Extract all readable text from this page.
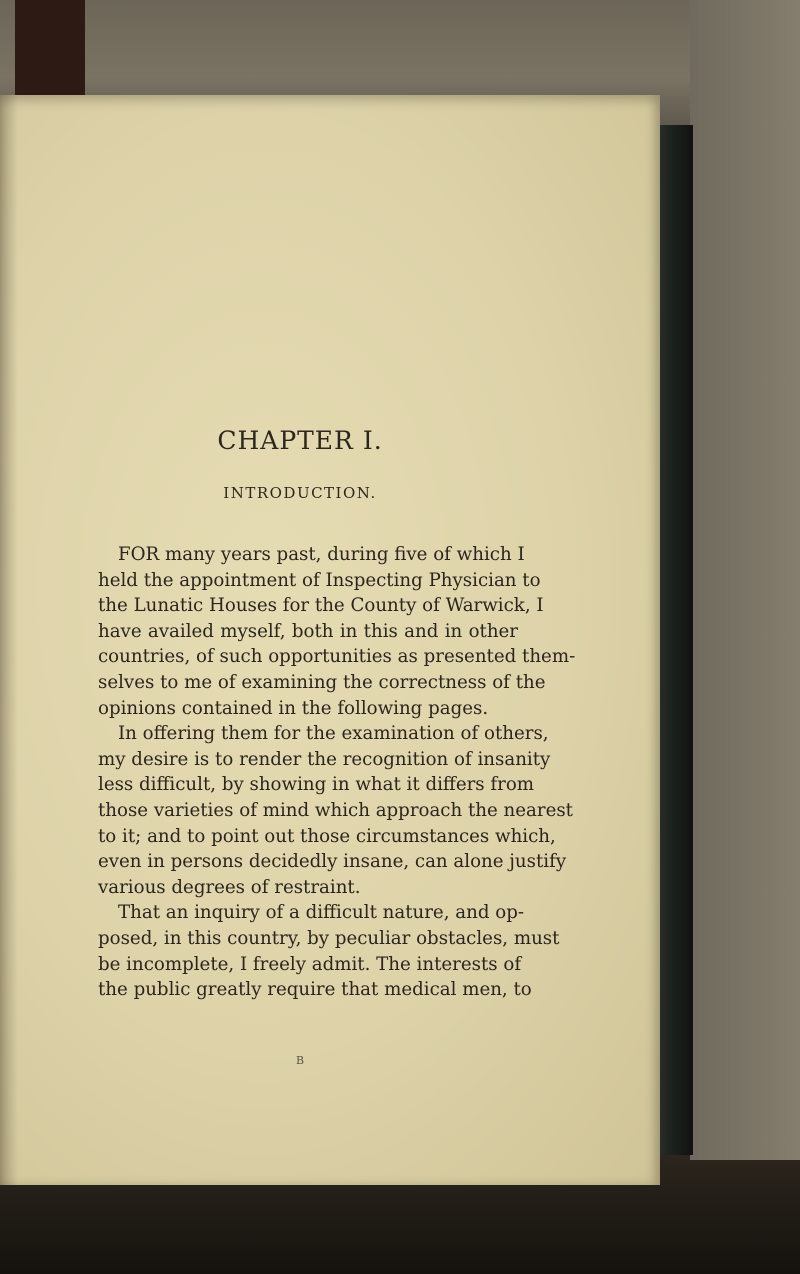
CHAPTER I.
INTRODUCTION.
FOR many years past, during five of which I
held the appointment of Inspecting Physician to
the Lunatic Houses for the County of Warwick, I
have availed myself, both in this and in other
countries, of such opportunities as presented them-
selves to me of examining the correctness of the
opinions contained in the following pages.
In offering them for the examination of others,
my desire is to render the recognition of insanity
less difficult, by showing in what it differs from
those varieties of mind which approach the nearest
to it; and to point out those circumstances which,
even in persons decidedly insane, can alone justify
various degrees of restraint.
That an inquiry of a difficult nature, and op-
posed, in this country, by peculiar obstacles, must
be incomplete, I freely admit. The interests of
the public greatly require that medical men, to
B
